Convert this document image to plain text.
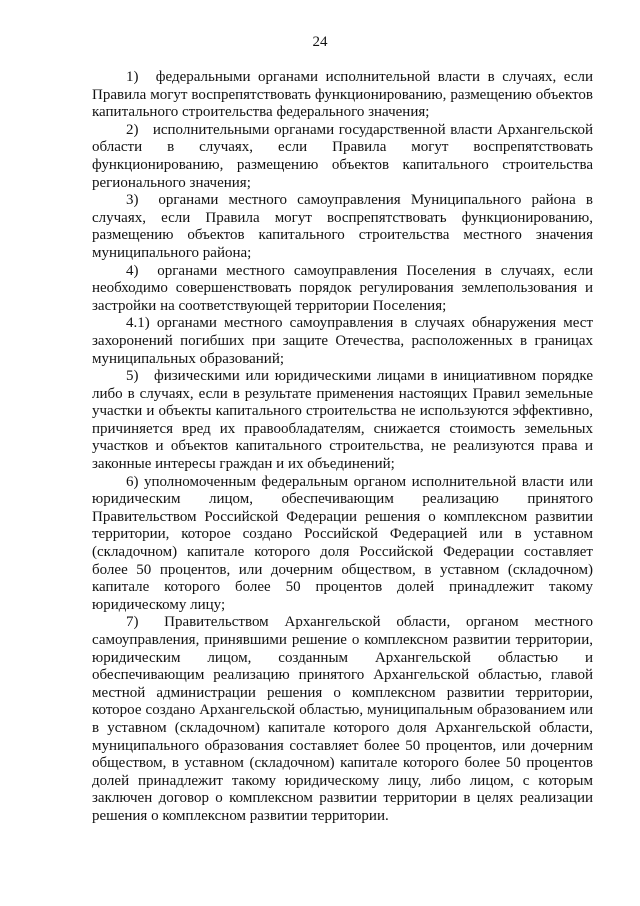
24

1)	федеральными органами исполнительной власти в случаях, если Правила могут воспрепятствовать функционированию, размещению объектов капитального строительства федерального значения;

2)	исполнительными органами государственной власти Архангельской области в случаях, если Правила могут воспрепятствовать функционированию, размещению объектов капитального строительства регионального значения;

3)	органами местного самоуправления Муниципального района в случаях, если Правила могут воспрепятствовать функционированию, размещению объектов капитального строительства местного значения муниципального района;

4)	органами местного самоуправления Поселения в случаях, если необходимо совершенствовать порядок регулирования землепользования и застройки на соответствующей территории Поселения;

4.1) органами местного самоуправления в случаях обнаружения мест захоронений погибших при защите Отечества, расположенных в границах муниципальных образований;

5)	физическими или юридическими лицами в инициативном порядке либо в случаях, если в результате применения настоящих Правил земельные участки и объекты капитального строительства не используются эффективно, причиняется вред их правообладателям, снижается стоимость земельных участков и объектов капитального строительства, не реализуются права и законные интересы граждан и их объединений;

6) уполномоченным федеральным органом исполнительной власти или юридическим лицом, обеспечивающим реализацию принятого Правительством Российской Федерации решения о комплексном развитии территории, которое создано Российской Федерацией или в уставном (складочном) капитале которого доля Российской Федерации составляет более 50 процентов, или дочерним обществом, в уставном (складочном) капитале которого более 50 процентов долей принадлежит такому юридическому лицу;

7)	Правительством Архангельской области, органом местного самоуправления, принявшими решение о комплексном развитии территории, юридическим лицом, созданным Архангельской областью и обеспечивающим реализацию принятого Архангельской областью, главой местной администрации решения о комплексном развитии территории, которое создано Архангельской областью, муниципальным образованием или в уставном (складочном) капитале которого доля Архангельской области, муниципального образования составляет более 50 процентов, или дочерним обществом, в уставном (складочном) капитале которого более 50 процентов долей принадлежит такому юридическому лицу, либо лицом, с которым заключен договор о комплексном развитии территории в целях реализации решения о комплексном развитии территории.
